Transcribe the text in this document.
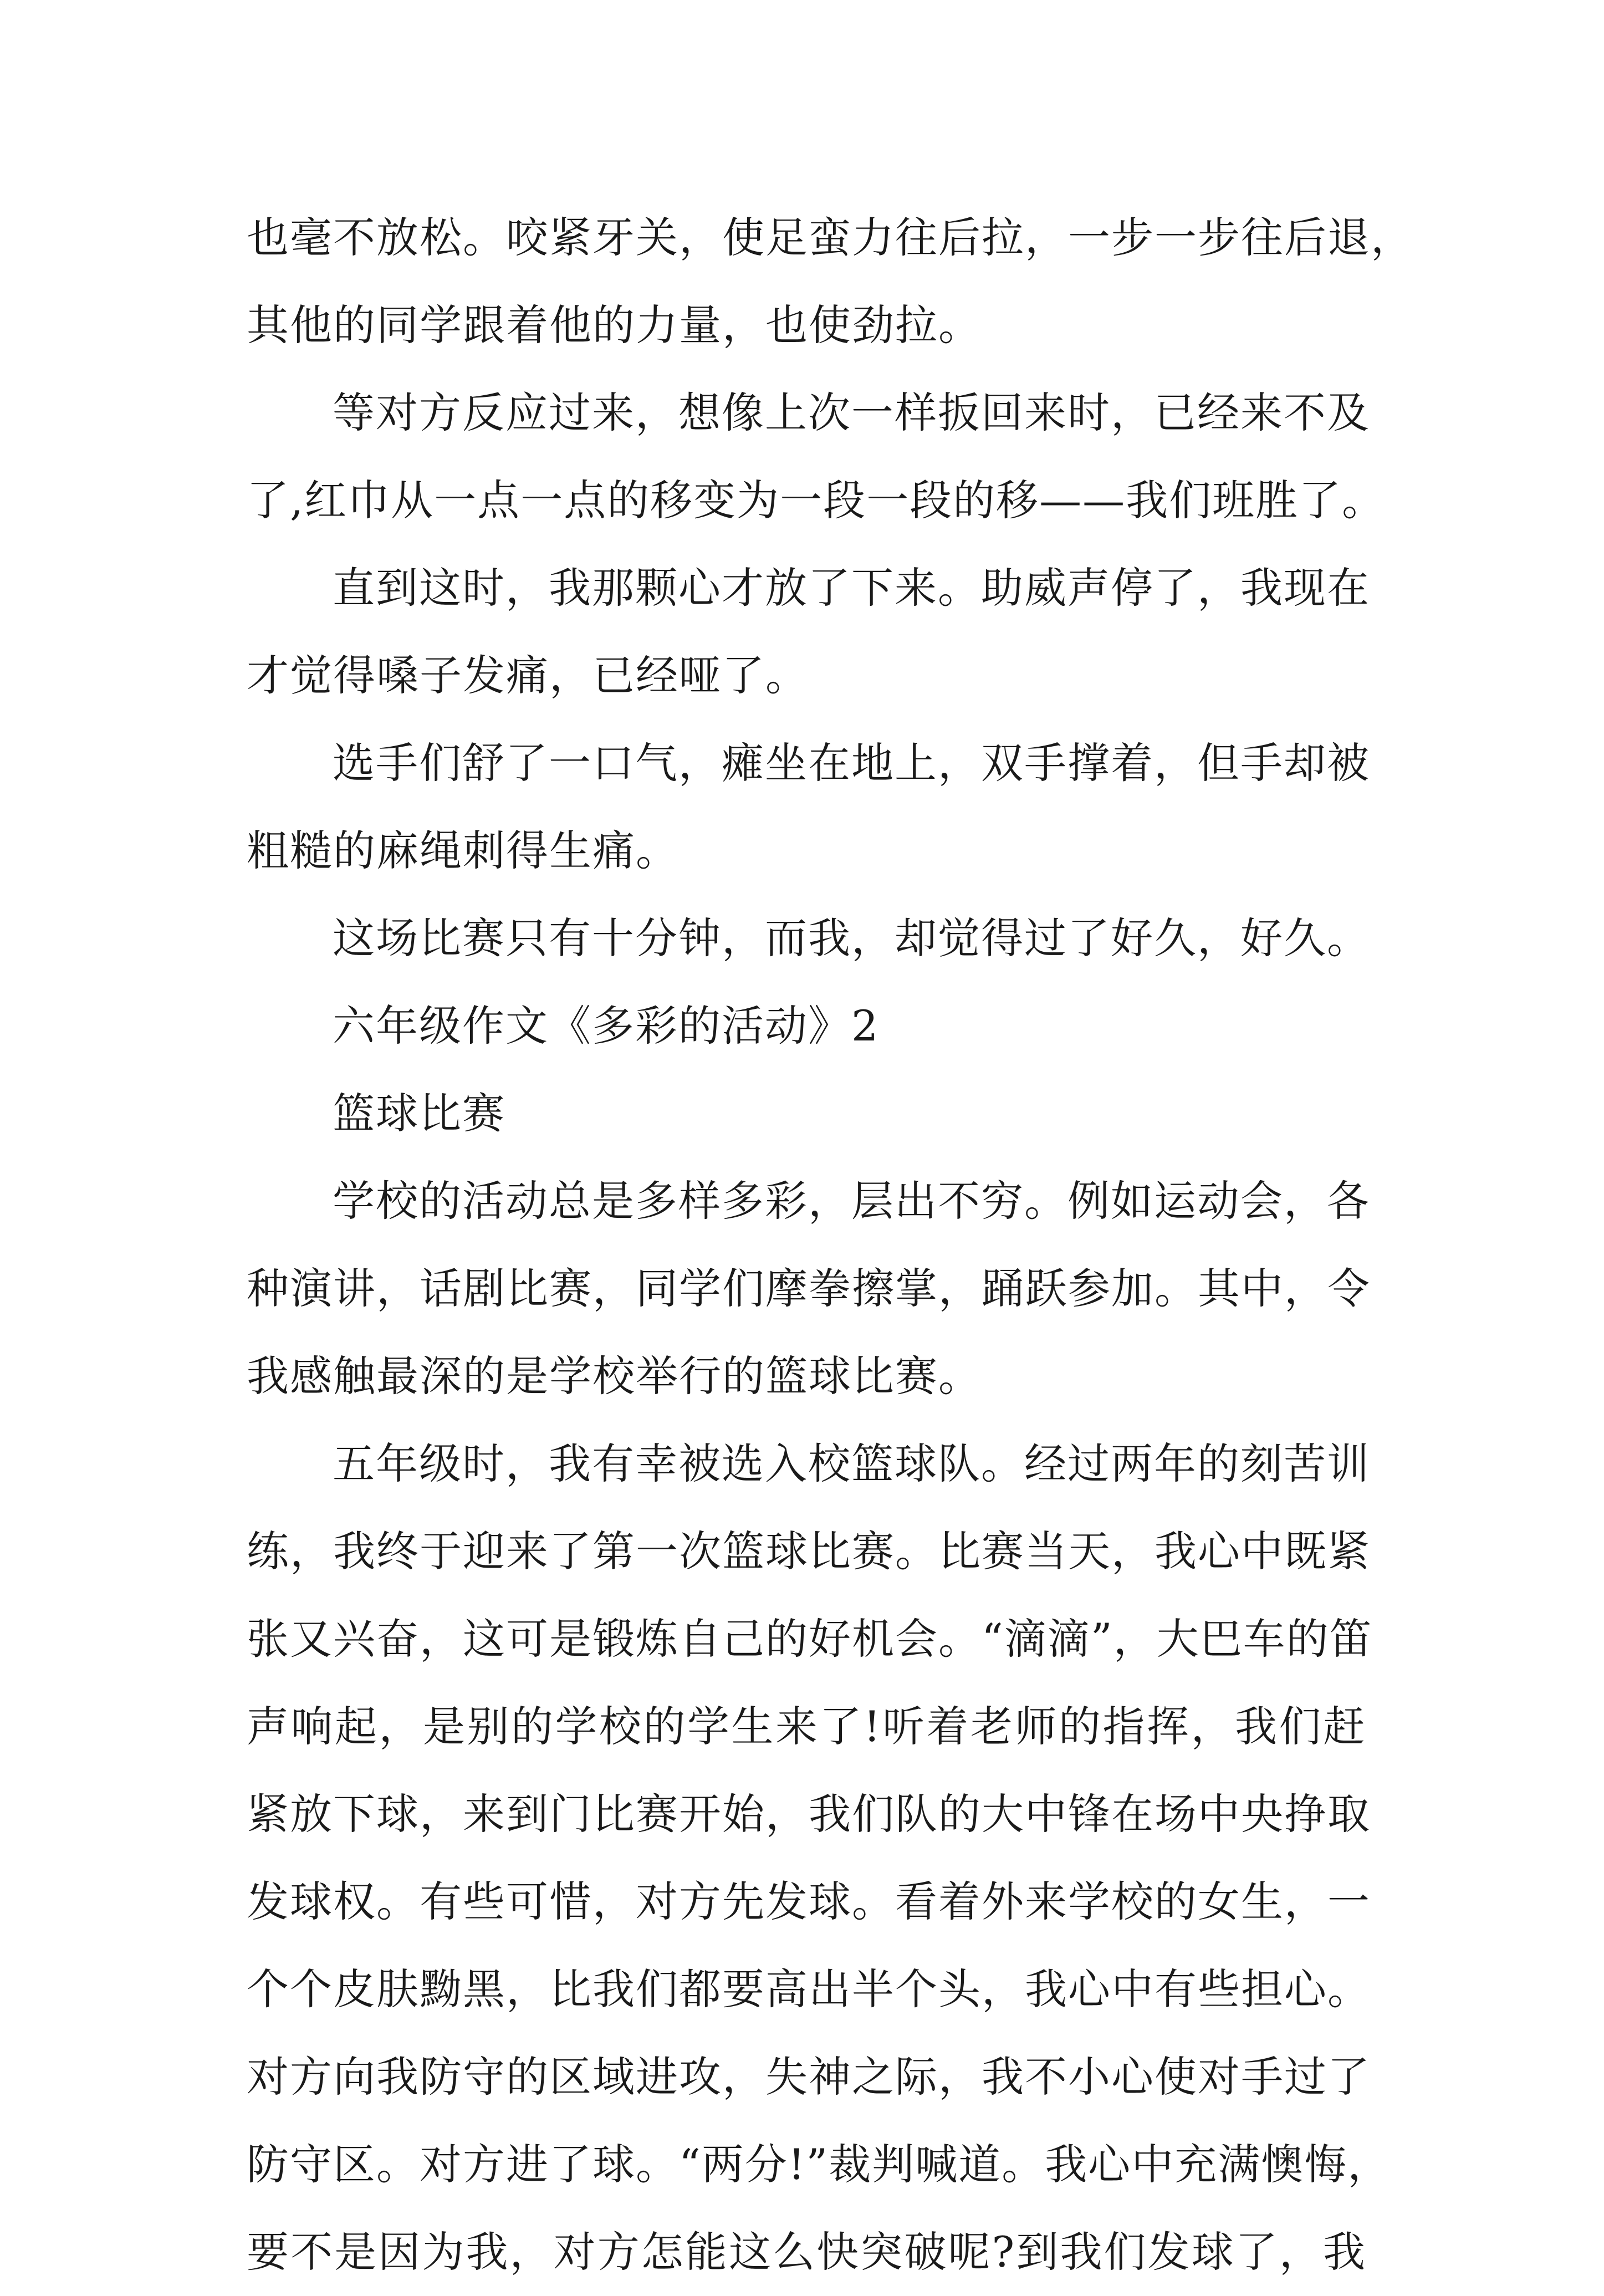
也毫不放松。咬紧牙关，使足蛮力往后拉，一步一步往后退，
其他的同学跟着他的力量，也使劲拉。
等对方反应过来，想像上次一样扳回来时，已经来不及
了,红巾从一点一点的移变为一段一段的移——我们班胜了。
直到这时，我那颗心才放了下来。助威声停了，我现在
才觉得嗓子发痛，已经哑了。
选手们舒了一口气，瘫坐在地上，双手撑着，但手却被
粗糙的麻绳刺得生痛。
这场比赛只有十分钟，而我，却觉得过了好久，好久。
六年级作文《多彩的活动》2
篮球比赛
学校的活动总是多样多彩，层出不穷。例如运动会，各
种演讲，话剧比赛，同学们摩拳擦掌，踊跃参加。其中，令
我感触最深的是学校举行的篮球比赛。
五年级时，我有幸被选入校篮球队。经过两年的刻苦训
练，我终于迎来了第一次篮球比赛。比赛当天，我心中既紧
张又兴奋，这可是锻炼自己的好机会。“滴滴”，大巴车的笛
声响起，是别的学校的学生来了!听着老师的指挥，我们赶
紧放下球，来到门比赛开始，我们队的大中锋在场中央挣取
发球权。有些可惜，对方先发球。看着外来学校的女生，一
个个皮肤黝黑，比我们都要高出半个头，我心中有些担心。
对方向我防守的区域进攻，失神之际，我不小心使对手过了
防守区。对方进了球。“两分!”裁判喊道。我心中充满懊悔，
要不是因为我，对方怎能这么快突破呢?到我们发球了，我
